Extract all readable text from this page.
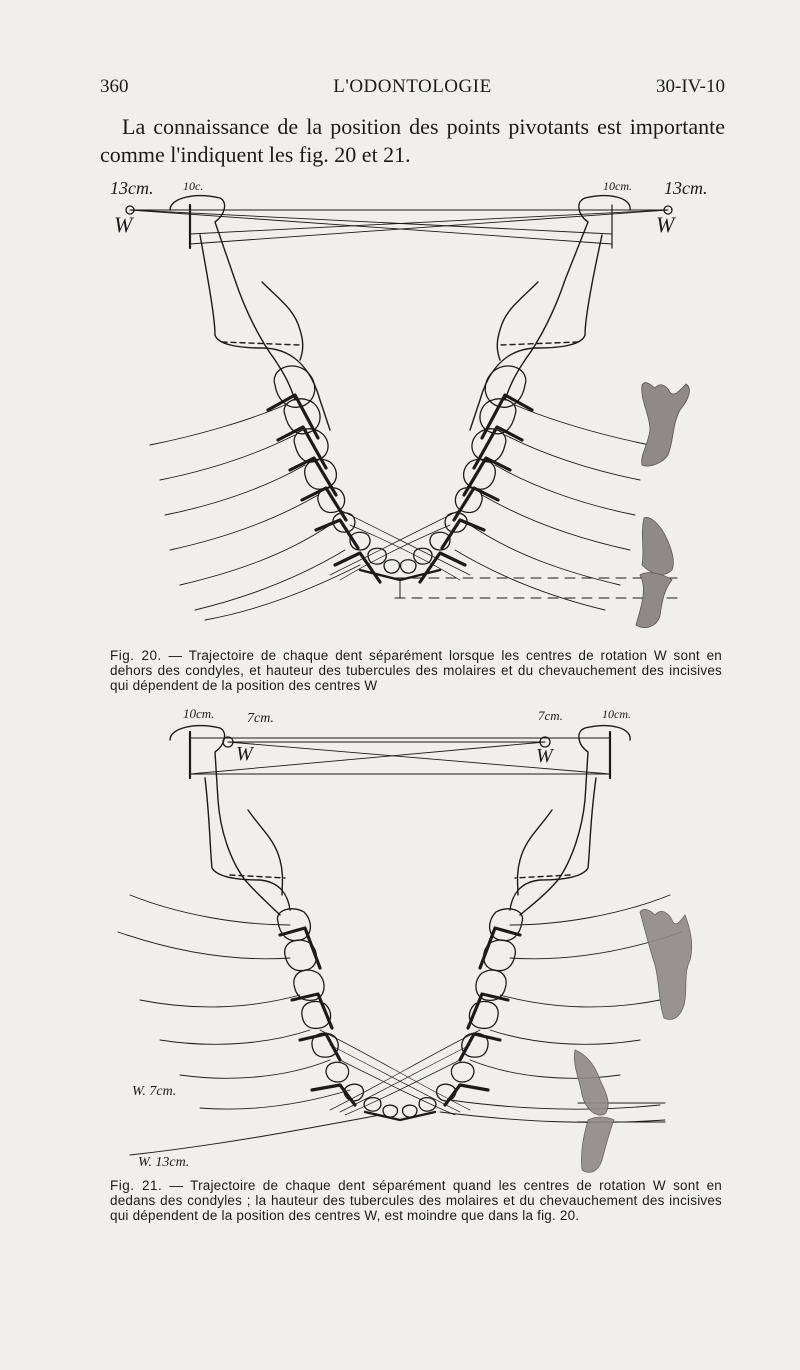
360	L'ODONTOLOGIE	30-IV-10

La connaissance de la position des points pivotants est importante comme l'indiquent les fig. 20 et 21.

13cm. 10c.	10cm. 13cm.
W	W
Fig. 20. — Trajectoire de chaque dent séparément lorsque les centres de rotation W sont en dehors des condyles, et hauteur des tubercules des molaires et du chevauchement des incisives qui dépendent de la position des centres W
10cm. 7cm.	7cm.	10cm.
W	W
W. 7cm.
W. 13cm.
Fig. 21. — Trajectoire de chaque dent séparément quand les centres de rotation W sont en dedans des condyles ; la hauteur des tubercules des molaires et du chevauchement des incisives qui dépendent de la position des centres W, est moindre que dans la fig. 20.
